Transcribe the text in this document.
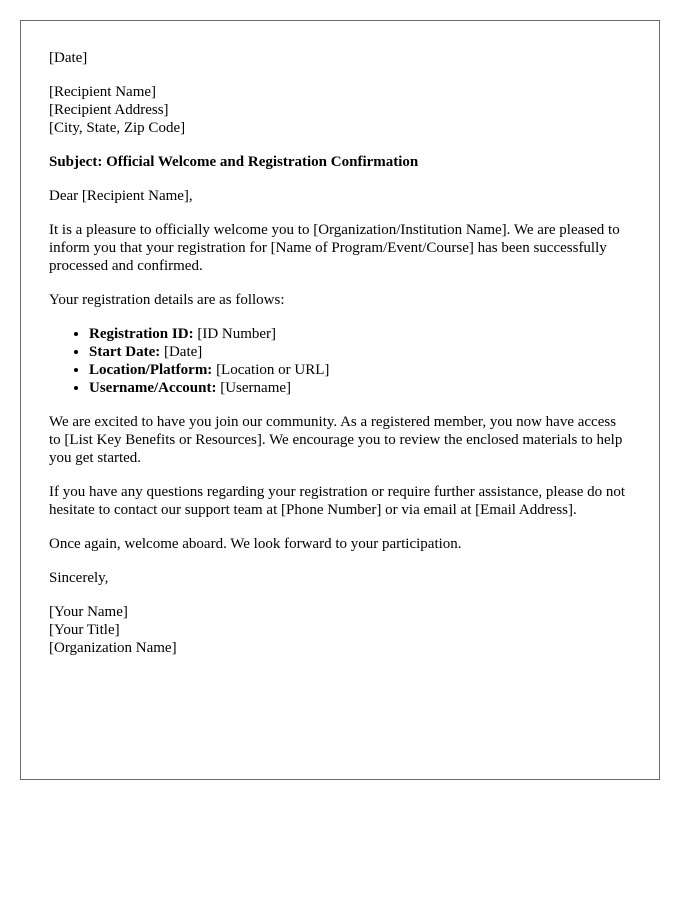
[Date]

[Recipient Name]
[Recipient Address]
[City, State, Zip Code]

Subject: Official Welcome and Registration Confirmation

Dear [Recipient Name],

It is a pleasure to officially welcome you to [Organization/Institution Name]. We are pleased to inform you that your registration for [Name of Program/Event/Course] has been successfully processed and confirmed.

Your registration details are as follows:

• Registration ID: [ID Number]
• Start Date: [Date]
• Location/Platform: [Location or URL]
• Username/Account: [Username]

We are excited to have you join our community. As a registered member, you now have access to [List Key Benefits or Resources]. We encourage you to review the enclosed materials to help you get started.

If you have any questions regarding your registration or require further assistance, please do not hesitate to contact our support team at [Phone Number] or via email at [Email Address].

Once again, welcome aboard. We look forward to your participation.

Sincerely,

[Your Name]
[Your Title]
[Organization Name]
